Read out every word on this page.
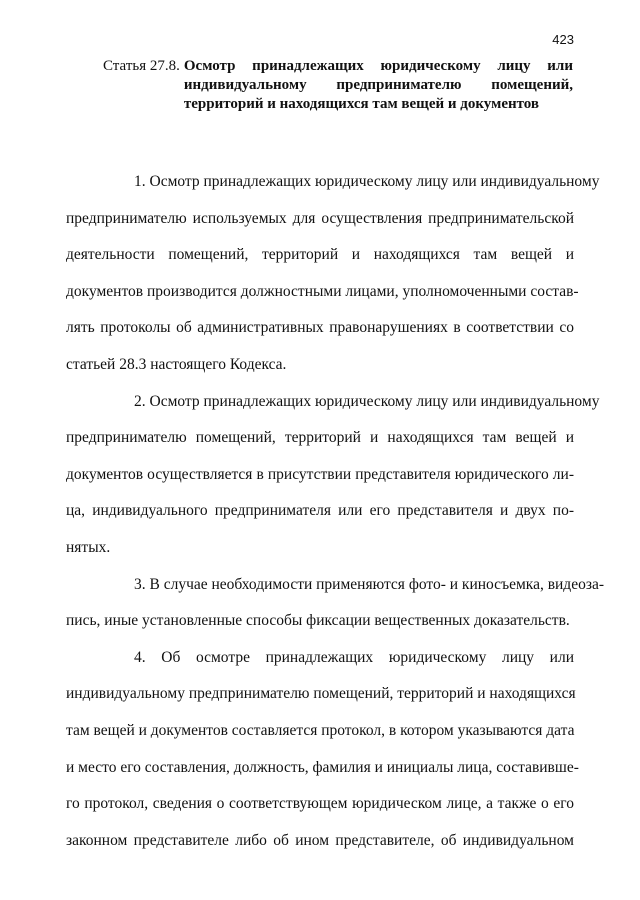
423
Статья 27.8. Осмотр принадлежащих юридическому лицу или
индивидуальному предпринимателю помещений,
территорий и находящихся там вещей и документов
1. Осмотр принадлежащих юридическому лицу или индивидуальному
предпринимателю используемых для осуществления предпринимательской
деятельности помещений, территорий и находящихся там вещей и
документов производится должностными лицами, уполномоченными состав-
лять протоколы об административных правонарушениях в соответствии со
статьей 28.3 настоящего Кодекса.
2. Осмотр принадлежащих юридическому лицу или индивидуальному
предпринимателю помещений, территорий и находящихся там вещей и
документов осуществляется в присутствии представителя юридического ли-
ца, индивидуального предпринимателя или его представителя и двух по-
нятых.
3. В случае необходимости применяются фото- и киносъемка, видеоза-
пись, иные установленные способы фиксации вещественных доказательств.
4. Об осмотре принадлежащих юридическому лицу или
индивидуальному предпринимателю помещений, территорий и находящихся
там вещей и документов составляется протокол, в котором указываются дата
и место его составления, должность, фамилия и инициалы лица, составивше-
го протокол, сведения о соответствующем юридическом лице, а также о его
законном представителе либо об ином представителе, об индивидуальном
